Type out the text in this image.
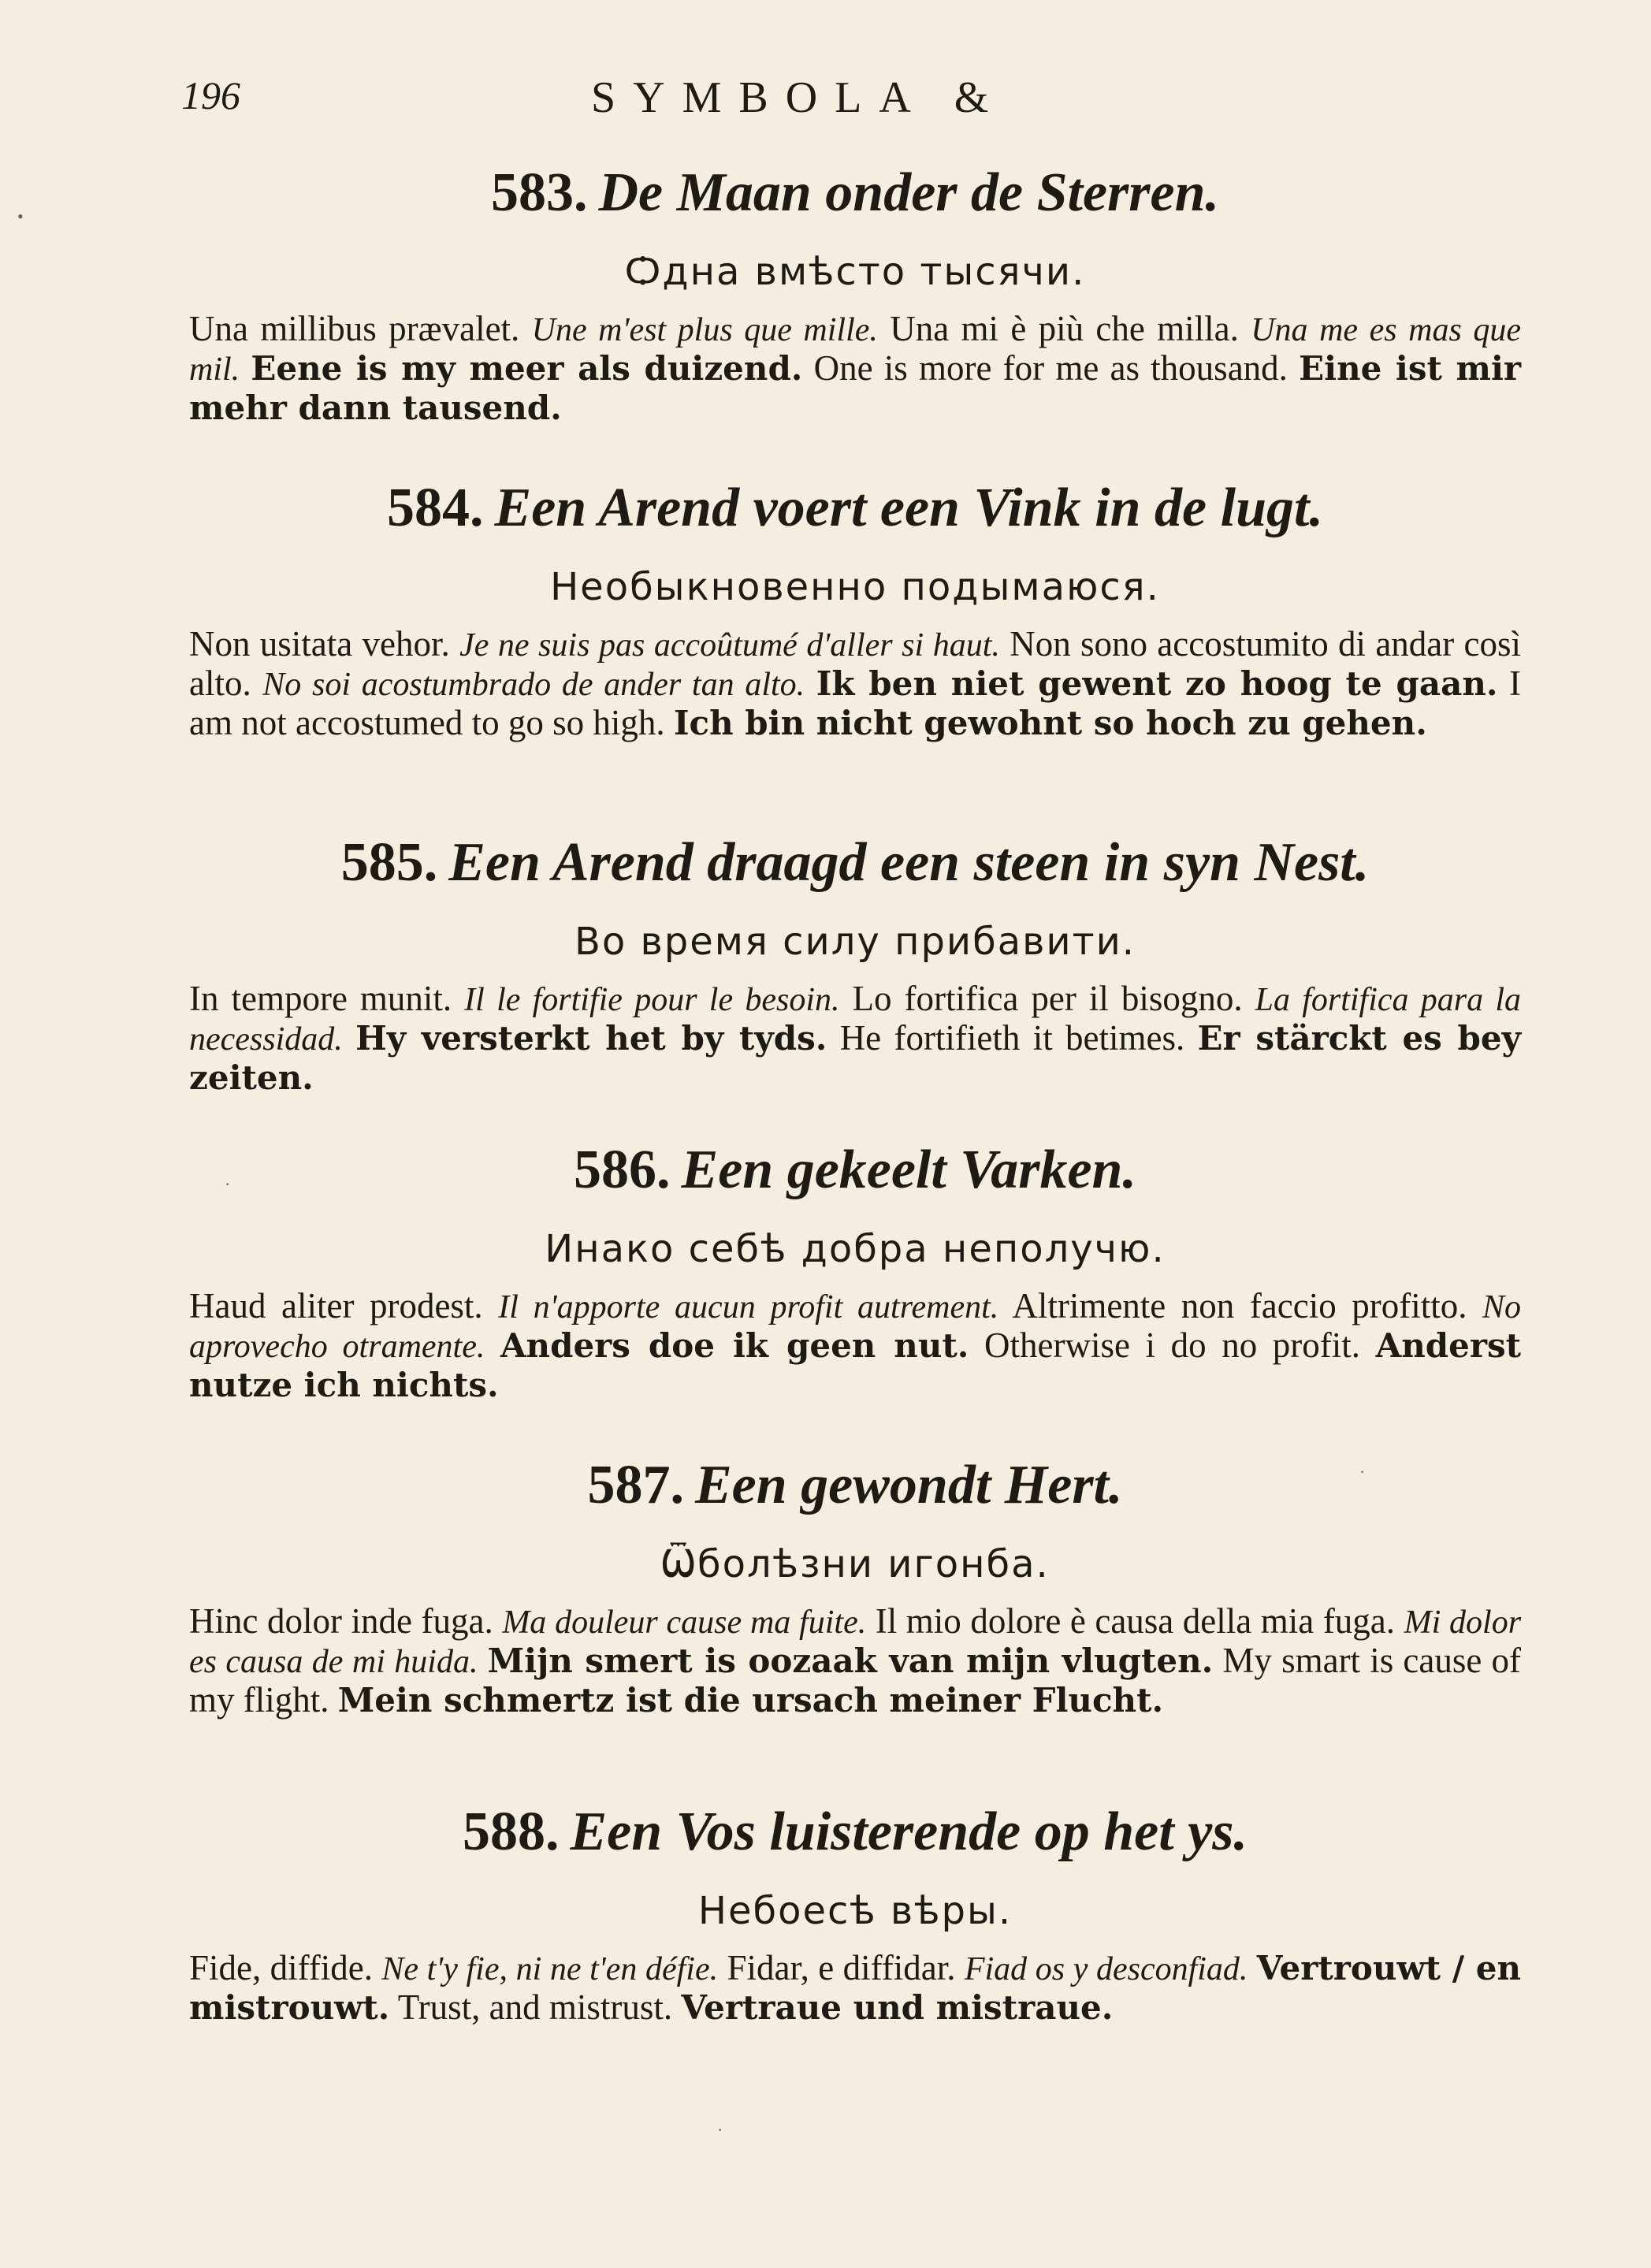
196	SYMBOLA &
583. De Maan onder de Sterren.
Ѻдна вмѣсто тысячи.
Una millibus prævalet. Une m'est plus que mille. Una mi è più che milla. Una me es mas que mil. Eene is my meer als duizend. One is more for me as thousand. Eine ist mir mehr dann tausend.
584. Een Arend voert een Vink in de lugt.
Необыкновенно подымаюся.
Non usitata vehor. Je ne suis pas accoûtumé d'aller si haut. Non sono accostumito di andar così alto. No soi acostumbrado de ander tan alto. Ik ben niet gewent zo hoog te gaan. I am not accostumed to go so high. Ich bin nicht gewohnt so hoch zu gehen.
585. Een Arend draagd een steen in syn Nest.
Во время силу прибавити.
In tempore munit. Il le fortifie pour le besoin. Lo fortifica per il bisogno. La fortifica para la necessidad. Hy versterkt het by tyds. He fortifieth it betimes. Er stärckt es bey zeiten.
586. Een gekeelt Varken.
Инако себѣ добра неполучю.
Haud aliter prodest. Il n'apporte aucun profit autrement. Altrimente non faccio profitto. No aprovecho otramente. Anders doe ik geen nut. Otherwise i do no profit. Anderst nutze ich nichts.
587. Een gewondt Hert.
Ѿболѣзни игонба.
Hinc dolor inde fuga. Ma douleur cause ma fuite. Il mio dolore è causa della mia fuga. Mi dolor es causa de mi huida. Mijn smert is oozaak van mijn vlugten. My smart is cause of my flight. Mein schmertz ist die ursach meiner Flucht.
588. Een Vos luisterende op het ys.
Небоесѣ вѣры.
Fide, diffide. Ne t'y fie, ni ne t'en défie. Fidar, e diffidar. Fiad os y desconfiad. Vertrouwt / en mistrouwt. Trust, and mistrust. Vertraue und mistraue.
•
·
·
·
